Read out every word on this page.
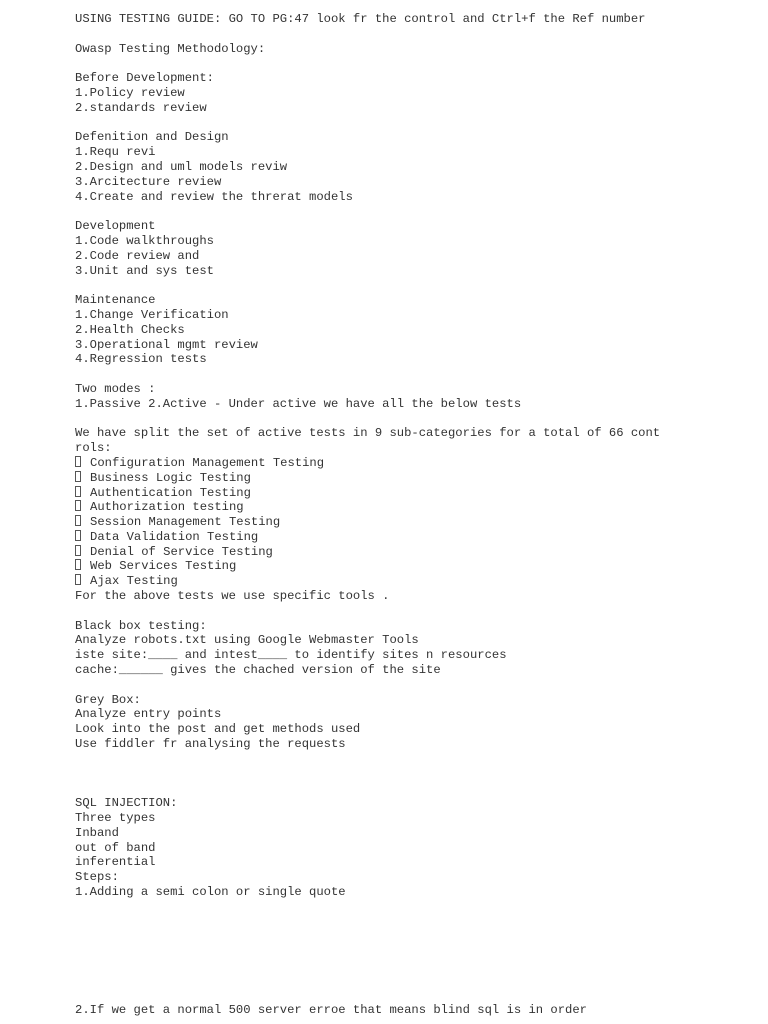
USING TESTING GUIDE: GO TO PG:47 look fr the control and Ctrl+f the Ref number
Owasp Testing Methodology:
Before Development:
1.Policy review
2.standards review
Defenition and Design
1.Requ revi
2.Design and uml models reviw
3.Arcitecture review
4.Create and review the threrat models
Development
1.Code walkthroughs
2.Code review and
3.Unit and sys test
Maintenance
1.Change Verification
2.Health Checks
3.Operational mgmt review
4.Regression tests
Two modes :
1.Passive 2.Active - Under active we have all the below tests
We have split the set of active tests in 9 sub-categories for a total of 66 cont
rols:
Configuration Management Testing
Business Logic Testing
Authentication Testing
Authorization testing
Session Management Testing
Data Validation Testing
Denial of Service Testing
Web Services Testing
Ajax Testing
For the above tests we use specific tools .
Black box testing:
Analyze robots.txt using Google Webmaster Tools
iste site:____ and intest____ to identify sites n resources
cache:______ gives the chached version of the site
Grey Box:
Analyze entry points
Look into the post and get methods used
Use fiddler fr analysing the requests
SQL INJECTION:
Three types
Inband
out of band
inferential
Steps:
1.Adding a semi colon or single quote
2.If we get a normal 500 server erroe that means blind sql is in order
